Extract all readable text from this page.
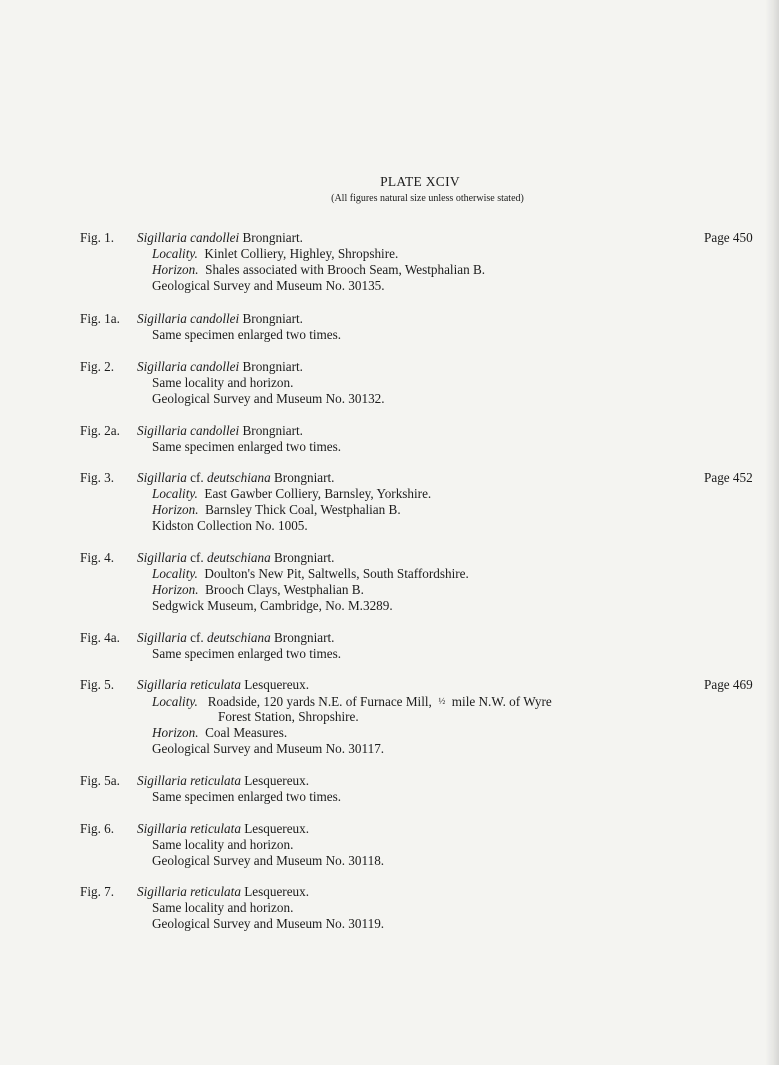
PLATE XCIV
(All figures natural size unless otherwise stated)
Fig. 1. Sigillaria candollei Brongniart.	Page 450
Locality. Kinlet Colliery, Highley, Shropshire.
Horizon. Shales associated with Brooch Seam, Westphalian B.
Geological Survey and Museum No. 30135.
Fig. 1a. Sigillaria candollei Brongniart.
Same specimen enlarged two times.
Fig. 2. Sigillaria candollei Brongniart.
Same locality and horizon.
Geological Survey and Museum No. 30132.
Fig. 2a. Sigillaria candollei Brongniart.
Same specimen enlarged two times.
Fig. 3. Sigillaria cf. deutschiana Brongniart.	Page 452
Locality. East Gawber Colliery, Barnsley, Yorkshire.
Horizon. Barnsley Thick Coal, Westphalian B.
Kidston Collection No. 1005.
Fig. 4. Sigillaria cf. deutschiana Brongniart.
Locality. Doulton's New Pit, Saltwells, South Staffordshire.
Horizon. Brooch Clays, Westphalian B.
Sedgwick Museum, Cambridge, No. M.3289.
Fig. 4a. Sigillaria cf. deutschiana Brongniart.
Same specimen enlarged two times.
Fig. 5. Sigillaria reticulata Lesquereux.	Page 469
Locality. Roadside, 120 yards N.E. of Furnace Mill, ½ mile N.W. of Wyre
Forest Station, Shropshire.
Horizon. Coal Measures.
Geological Survey and Museum No. 30117.
Fig. 5a. Sigillaria reticulata Lesquereux.
Same specimen enlarged two times.
Fig. 6. Sigillaria reticulata Lesquereux.
Same locality and horizon.
Geological Survey and Museum No. 30118.
Fig. 7. Sigillaria reticulata Lesquereux.
Same locality and horizon.
Geological Survey and Museum No. 30119.
